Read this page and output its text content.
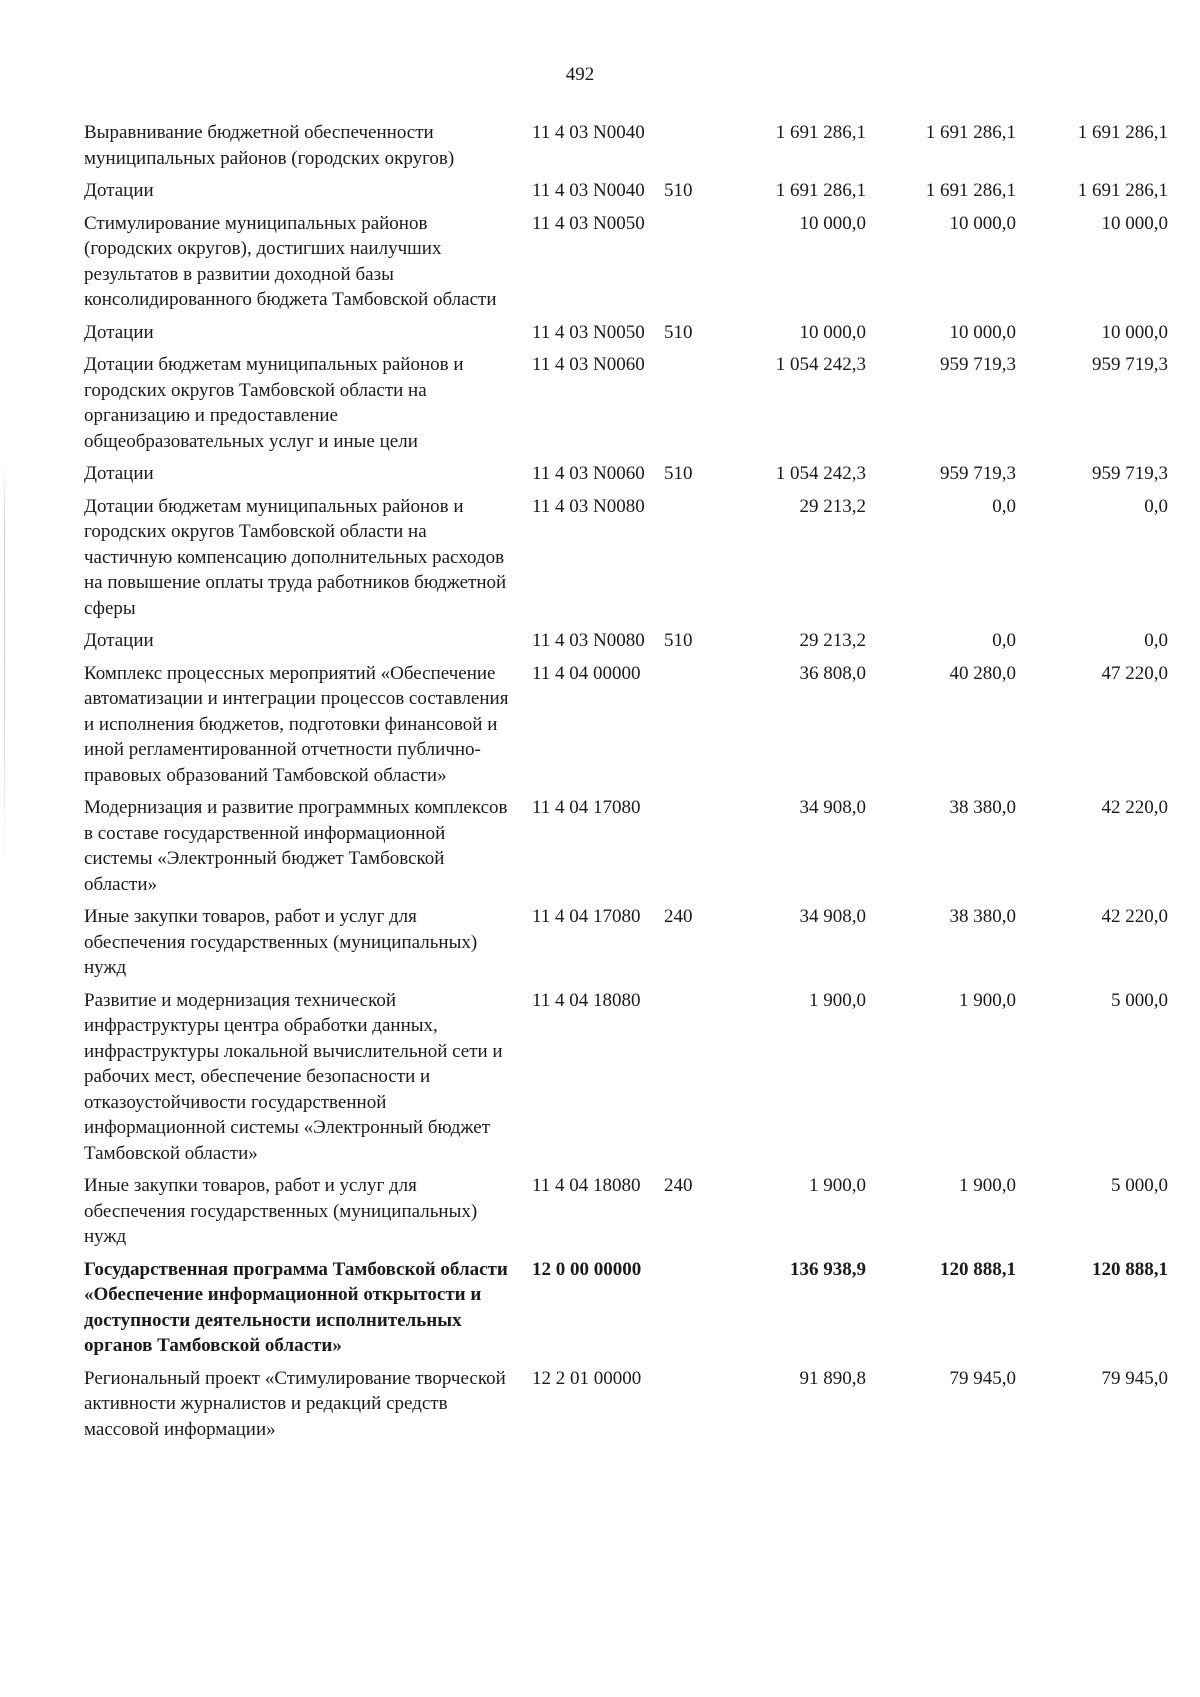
492
Выравнивание бюджетной обеспеченности муниципальных районов (городских округов)	11 4 03 N0040		1 691 286,1	1 691 286,1	1 691 286,1
Дотации	11 4 03 N0040	510	1 691 286,1	1 691 286,1	1 691 286,1
Стимулирование муниципальных районов (городских округов), достигших наилучших результатов в развитии доходной базы консолидированного бюджета Тамбовской области	11 4 03 N0050		10 000,0	10 000,0	10 000,0
Дотации	11 4 03 N0050	510	10 000,0	10 000,0	10 000,0
Дотации бюджетам муниципальных районов и городских округов Тамбовской области на организацию и предоставление общеобразовательных услуг и иные цели	11 4 03 N0060		1 054 242,3	959 719,3	959 719,3
Дотации	11 4 03 N0060	510	1 054 242,3	959 719,3	959 719,3
Дотации бюджетам муниципальных районов и городских округов Тамбовской области на частичную компенсацию дополнительных расходов на повышение оплаты труда работников бюджетной сферы	11 4 03 N0080		29 213,2	0,0	0,0
Дотации	11 4 03 N0080	510	29 213,2	0,0	0,0
Комплекс процессных мероприятий «Обеспечение автоматизации и интеграции процессов составления и исполнения бюджетов, подготовки финансовой и иной регламентированной отчетности публично-правовых образований Тамбовской области»	11 4 04 00000		36 808,0	40 280,0	47 220,0
Модернизация и развитие программных комплексов в составе государственной информационной системы «Электронный бюджет Тамбовской области»	11 4 04 17080		34 908,0	38 380,0	42 220,0
Иные закупки товаров, работ и услуг для обеспечения государственных (муниципальных) нужд	11 4 04 17080	240	34 908,0	38 380,0	42 220,0
Развитие и модернизация технической инфраструктуры центра обработки данных, инфраструктуры локальной вычислительной сети и рабочих мест, обеспечение безопасности и отказоустойчивости государственной информационной системы «Электронный бюджет Тамбовской области»	11 4 04 18080		1 900,0	1 900,0	5 000,0
Иные закупки товаров, работ и услуг для обеспечения государственных (муниципальных) нужд	11 4 04 18080	240	1 900,0	1 900,0	5 000,0
Государственная программа Тамбовской области «Обеспечение информационной открытости и доступности деятельности исполнительных органов Тамбовской области»	12 0 00 00000		136 938,9	120 888,1	120 888,1
Региональный проект «Стимулирование творческой активности журналистов и редакций средств массовой информации»	12 2 01 00000		91 890,8	79 945,0	79 945,0
